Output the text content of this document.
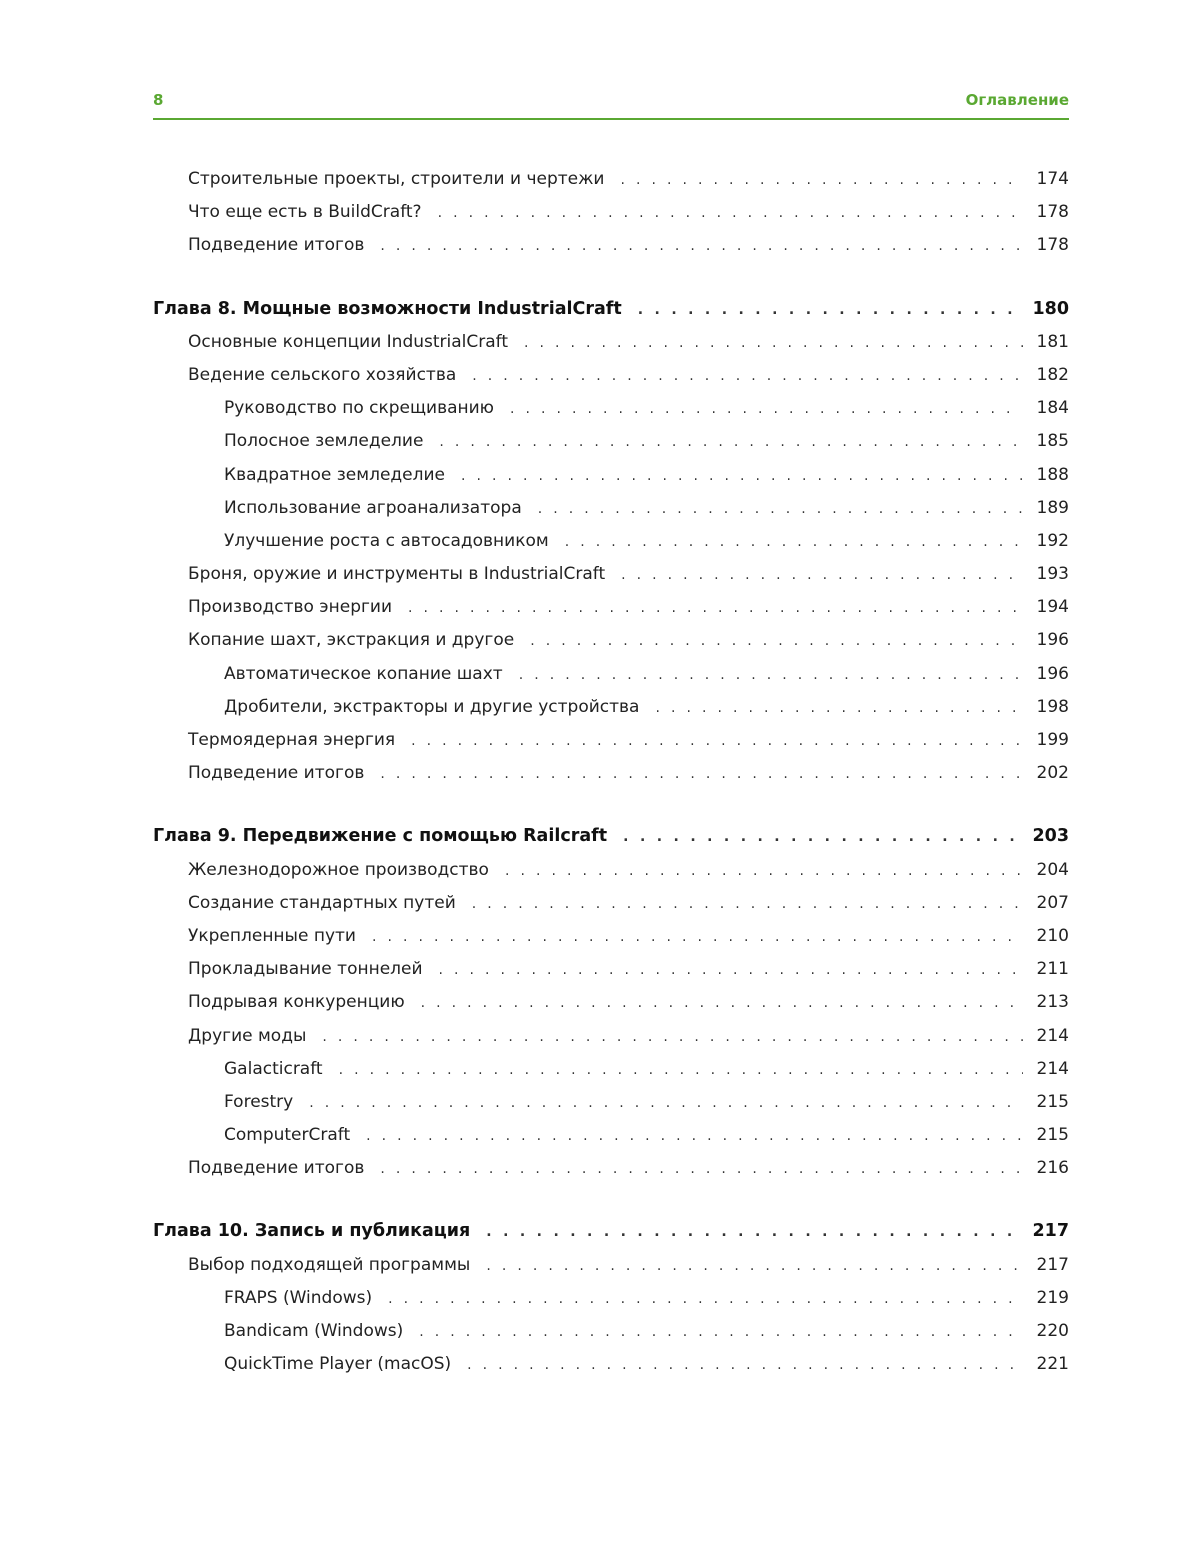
8	Оглавление
Строительные проекты, строители и чертежи . . .	174
Что еще есть в BuildCraft? . . .	178
Подведение итогов . . .	178
Глава 8. Мощные возможности IndustrialCraft . . .	180
Основные концепции IndustrialCraft . . .	181
Ведение сельского хозяйства . . .	182
Руководство по скрещиванию . . .	184
Полосное земледелие . . .	185
Квадратное земледелие . . .	188
Использование агроанализатора . . .	189
Улучшение роста с автосадовником . . .	192
Броня, оружие и инструменты в IndustrialCraft . . .	193
Производство энергии . . .	194
Копание шахт, экстракция и другое . . .	196
Автоматическое копание шахт . . .	196
Дробители, экстракторы и другие устройства . . .	198
Термоядерная энергия . . .	199
Подведение итогов . . .	202
Глава 9. Передвижение с помощью Railcraft . . .	203
Железнодорожное производство . . .	204
Создание стандартных путей . . .	207
Укрепленные пути . . .	210
Прокладывание тоннелей . . .	211
Подрывая конкуренцию . . .	213
Другие моды . . .	214
Galacticraft . . .	214
Forestry . . .	215
ComputerCraft . . .	215
Подведение итогов . . .	216
Глава 10. Запись и публикация . . .	217
Выбор подходящей программы . . .	217
FRAPS (Windows) . . .	219
Bandicam (Windows) . . .	220
QuickTime Player (macOS) . . .	221
